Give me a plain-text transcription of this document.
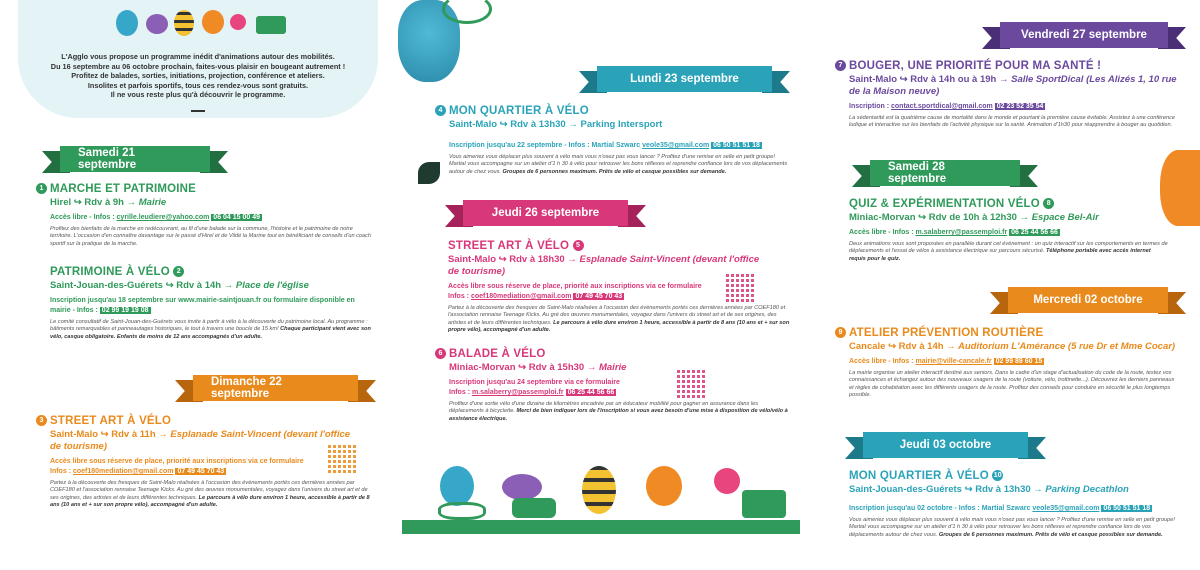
L'Agglo vous propose un programme inédit d'animations autour des mobilités.
Du 16 septembre au 06 octobre prochain, faites-vous plaisir en bougeant autrement !
Profitez de balades, sorties, initiations, projection, conférence et ateliers.
Insolites et parfois sportifs, tous ces rendez-vous sont gratuits.
Il ne vous reste plus qu'à découvrir le programme.

Samedi 21 septembre
1 MARCHE ET PATRIMOINE
Hirel ↪ Rdv à 9h → Mairie
Accès libre - Infos : cyrille.leudiere@yahoo.com 06 04 15 00 49
Profitez des bienfaits de la marche en redécouvrant, au fil d'une balade sur la commune, l'histoire et le patrimoine de notre territoire. L'occasion d'en connaître davantage sur le passé d'Hirel et de Vildé la Marine tout en bénéficiant de conseils d'un coach sportif sur la pratique de la marche.
PATRIMOINE À VÉLO 2
Saint-Jouan-des-Guérets ↪ Rdv à 14h → Place de l'église
Inscription jusqu'au 18 septembre sur www.mairie-saintjouan.fr ou formulaire disponible en mairie - Infos : 02 99 19 19 08
Le comité consultatif de Saint-Jouan-des-Guérets vous invite à partir à vélo à la découverte du patrimoine local. Au programme : bâtiments remarquables et panneautages historiques, le tout à travers une boucle de 15 km! Chaque participant vient avec son vélo, casque obligatoire. Enfants de moins de 12 ans accompagnés d'un adulte.
Dimanche 22 septembre
3 STREET ART À VÉLO
Saint-Malo ↪ Rdv à 11h → Esplanade Saint-Vincent (devant l'office de tourisme)
Accès libre sous réserve de place, priorité aux inscriptions via ce formulaire
Infos : coef180mediation@gmail.com 07 49 45 70 43
Partez à la découverte des fresques de Saint-Malo réalisées à l'occasion des évènements portés ces dernières années par COEF180 et l'association rennaise Teenage Kicks. Au gré des œuvres monumentales, voyagez dans l'univers du street art et de ses origines, des artistes et de leurs différentes techniques. Le parcours à vélo dure environ 1 heure, accessible à partir de 8 ans (10 ans et + sur son propre vélo), accompagné d'un adulte.
Lundi 23 septembre
4 MON QUARTIER À VÉLO
Saint-Malo ↪ Rdv à 13h30 → Parking Intersport
Inscription jusqu'au 22 septembre - Infos : Martial Szwarc veole35@gmail.com 06 50 51 51 18
Vous aimeriez vous déplacer plus souvent à vélo mais vous n'osez pas vous lancer ? Profitez d'une remise en selle en petit groupe! Martial vous accompagne sur un atelier d'1 h 30 à vélo pour retrouver les bons réflexes et reprendre confiance lors de vos déplacements autour de chez vous. Groupes de 6 personnes maximum. Prêts de vélo et casque possibles sur demande.
Jeudi 26 septembre
STREET ART À VÉLO 5
Saint-Malo ↪ Rdv à 18h30 → Esplanade Saint-Vincent (devant l'office de tourisme)
Accès libre sous réserve de place, priorité aux inscriptions via ce formulaire
Infos : coef180mediation@gmail.com 07 49 45 70 43
Partez à la découverte des fresques de Saint-Malo réalisées à l'occasion des évènements portés ces dernières années par COEF180 et l'association rennaise Teenage Kicks. Au gré des œuvres monumentales, voyagez dans l'univers du street art et de ses origines, des artistes et de leurs différentes techniques. Le parcours à vélo dure environ 1 heure, accessible à partir de 8 ans (10 ans et + sur son propre vélo), accompagné d'un adulte.
6 BALADE À VÉLO
Miniac-Morvan ↪ Rdv à 15h30 → Mairie
Inscription jusqu'au 24 septembre via ce formulaire
Infos : m.salaberry@passemploi.fr 06 25 44 56 66
Profitez d'une sortie vélo d'une dizaine de kilomètres encadrée par un éducateur mobilité pour gagner en assurance dans les déplacements à bicyclette. Merci de bien indiquer lors de l'inscription si vous avez besoin d'une mise à disposition de vélo/vélo à assistance électrique.
Vendredi 27 septembre
7 BOUGER, UNE PRIORITÉ POUR MA SANTÉ !
Saint-Malo ↪ Rdv à 14h ou à 19h → Salle SportDical (Les Alizés 1, 10 rue de la Maison neuve)
Inscription : contact.sportdical@gmail.com 02 23 52 35 54
La sédentarité est la quatrième cause de mortalité dans le monde et pourtant la première cause évitable. Assistez à une conférence ludique et interactive sur les bienfaits de l'activité physique sur la santé. Animation d'1h30 pour réapprendre à bouger au quotidien.
Samedi 28 septembre
QUIZ & EXPÉRIMENTATION VÉLO 8
Miniac-Morvan ↪ Rdv de 10h à 12h30 → Espace Bel-Air
Accès libre - Infos : m.salaberry@passemploi.fr 06 25 44 56 66
Deux animations vous sont proposées en parallèle durant cet évènement : un quiz interactif sur les comportements en termes de déplacements et l'essai de vélos à assistance électrique sur parcours sécurisé. Téléphone portable avec accès internet requis pour le quiz.
Mercredi 02 octobre
9 ATELIER PRÉVENTION ROUTIÈRE
Cancale ↪ Rdv à 14h → Auditorium L'Amérance (5 rue Dr et Mme Cocar)
Accès libre - Infos : mairie@ville-cancale.fr 02 99 89 60 15
La mairie organise un atelier interactif destiné aux seniors. Dans le cadre d'un stage d'actualisation du code de la route, testez vos connaissances et échangez autour des nouveaux usagers de la route (voiture, vélo, trottinette...). Découvrez les derniers panneaux et règles de cohabitation avec les différents usagers de la route. Profitez des conseils pour conduire en sécurité le plus longtemps possible.
Jeudi 03 octobre
MON QUARTIER À VÉLO 10
Saint-Jouan-des-Guérets ↪ Rdv à 13h30 → Parking Decathlon
Inscription jusqu'au 02 octobre - Infos : Martial Szwarc veole35@gmail.com 06 50 51 51 18
Vous aimeriez vous déplacer plus souvent à vélo mais vous n'osez pas vous lancer ? Profitez d'une remise en selle en petit groupe! Martial vous accompagne sur un atelier d'1 h 30 à vélo pour retrouver les bons réflexes et reprendre confiance lors de vos déplacements autour de chez vous. Groupes de 6 personnes maximum. Prêts de vélo et casque possibles sur demande.
